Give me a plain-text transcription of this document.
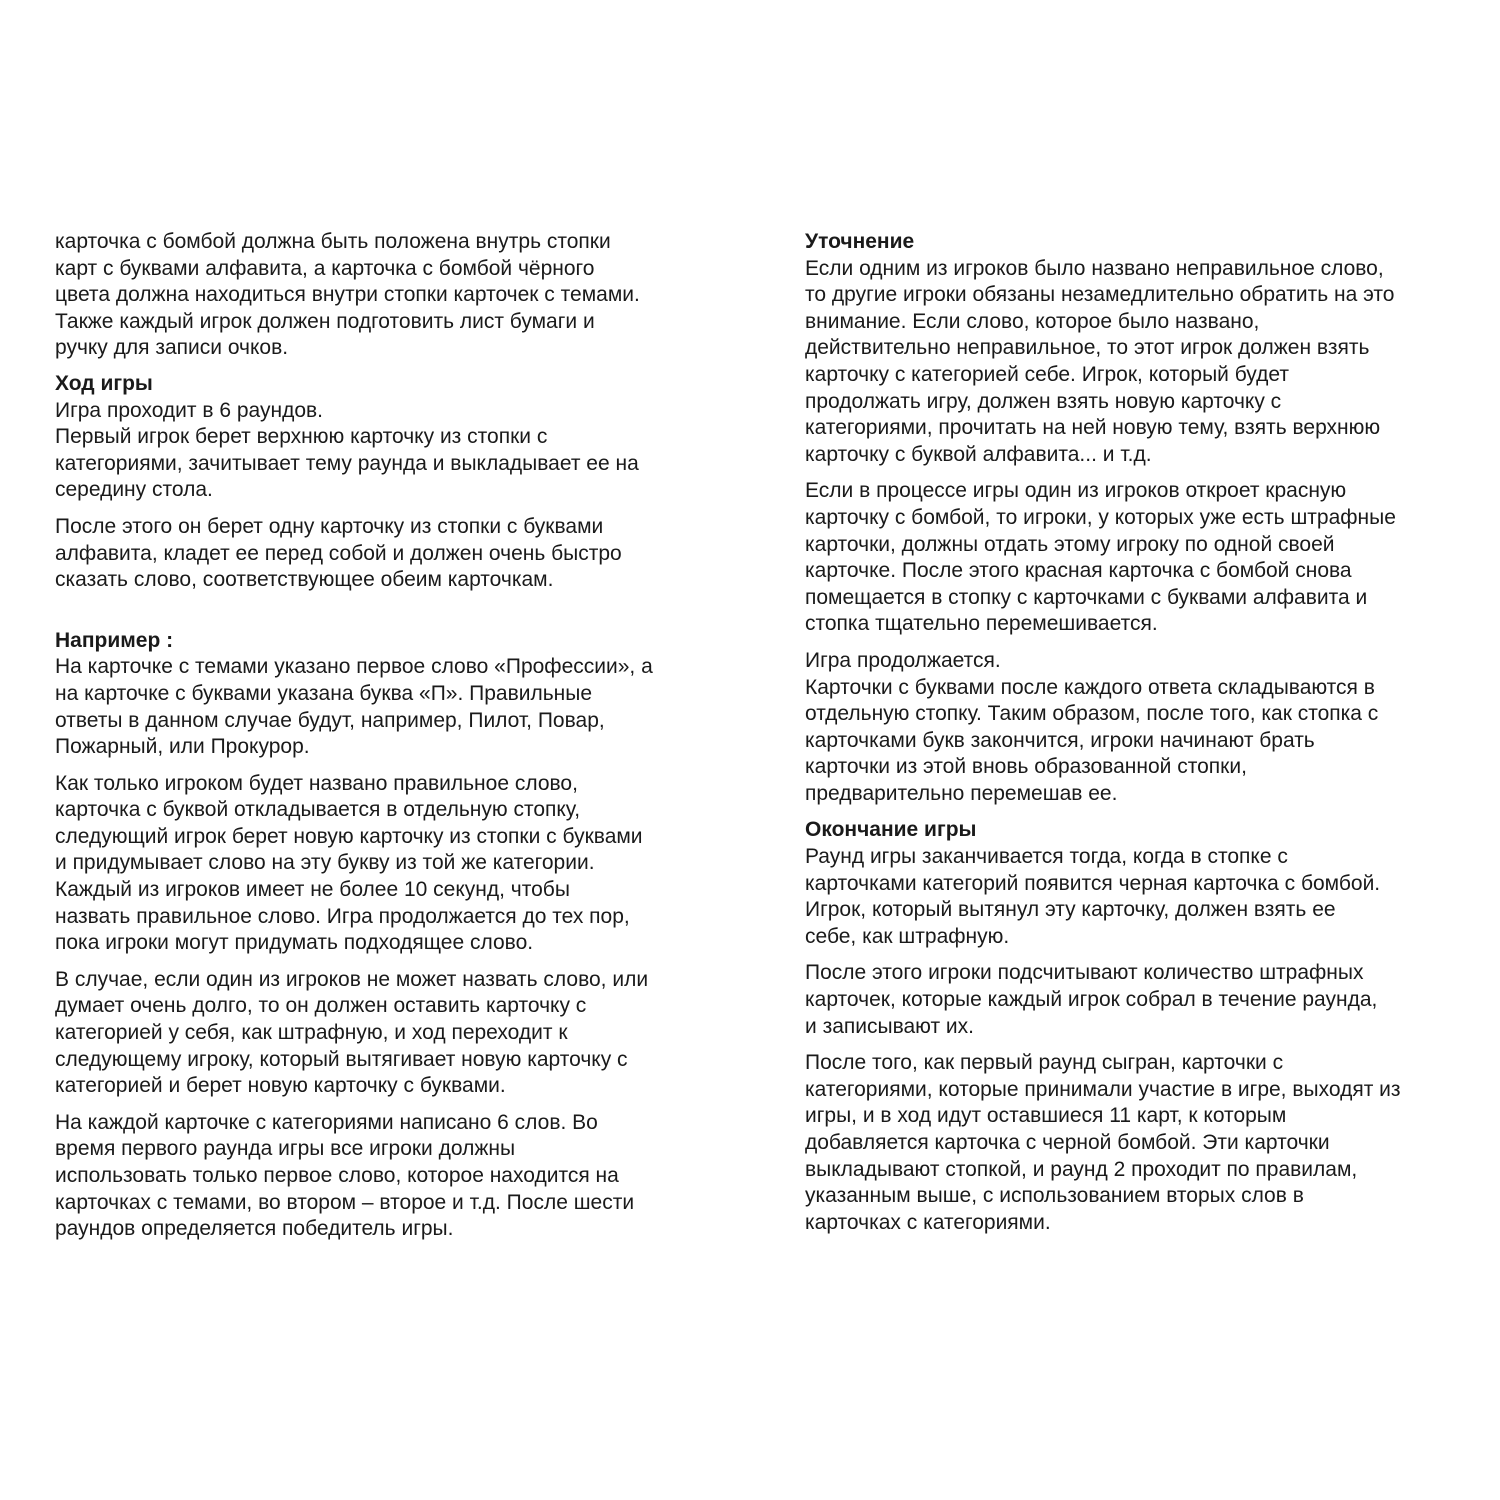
карточка с бомбой должна быть положена внутрь стопки
карт с буквами алфавита, а карточка с бомбой чёрного
цвета должна находиться внутри стопки карточек с темами.
Также каждый игрок должен подготовить лист бумаги и
ручку для записи очков.
Ход игры
Игра проходит в 6 раундов.
Первый игрок берет верхнюю карточку из стопки с
категориями, зачитывает тему раунда и выкладывает ее на
середину стола.
После этого он берет одну карточку из стопки с буквами
алфавита, кладет ее перед собой и должен очень быстро
сказать слово, соответствующее обеим карточкам.
Например :
На карточке с темами указано первое слово «Профессии», а
на карточке с буквами указана буква «П». Правильные
ответы в данном случае будут, например, Пилот, Повар,
Пожарный, или Прокурор.
Как только игроком будет названо правильное слово,
карточка с буквой откладывается в отдельную стопку,
следующий игрок берет новую карточку из стопки с буквами
и придумывает слово на эту букву из той же категории.
Каждый из игроков имеет не более 10 секунд, чтобы
назвать правильное слово. Игра продолжается до тех пор,
пока игроки могут придумать подходящее слово.
В случае, если один из игроков не может назвать слово, или
думает очень долго, то он должен оставить карточку с
категорией у себя, как штрафную, и ход переходит к
следующему игроку, который вытягивает новую карточку с
категорией и берет новую карточку с буквами.
На каждой карточке с категориями написано 6 слов. Во
время первого раунда игры все игроки должны
использовать только первое слово, которое находится на
карточках с темами, во втором – второе и т.д. После шести
раундов определяется победитель игры.
Уточнение
Если одним из игроков было названо неправильное слово,
то другие игроки обязаны незамедлительно обратить на это
внимание. Если слово, которое было названо,
действительно неправильное, то этот игрок должен взять
карточку с категорией себе. Игрок, который будет
продолжать игру, должен взять новую карточку с
категориями, прочитать на ней новую тему, взять верхнюю
карточку с буквой алфавита... и т.д.
Если в процессе игры один из игроков откроет красную
карточку с бомбой, то игроки, у которых уже есть штрафные
карточки, должны отдать этому игроку по одной своей
карточке. После этого красная карточка с бомбой снова
помещается в стопку с карточками с буквами алфавита и
стопка тщательно перемешивается.
Игра продолжается.
Карточки с буквами после каждого ответа складываются в
отдельную стопку. Таким образом, после того, как стопка с
карточками букв закончится, игроки начинают брать
карточки из этой вновь образованной стопки,
предварительно перемешав ее.
Окончание игры
Раунд игры заканчивается тогда, когда в стопке с
карточками категорий появится черная карточка с бомбой.
Игрок, который вытянул эту карточку, должен взять ее
себе, как штрафную.
После этого игроки подсчитывают количество штрафных
карточек, которые каждый игрок собрал в течение раунда,
и записывают их.
После того, как первый раунд сыгран, карточки с
категориями, которые принимали участие в игре, выходят из
игры, и в ход идут оставшиеся 11 карт, к которым
добавляется карточка с черной бомбой. Эти карточки
выкладывают стопкой, и раунд 2 проходит по правилам,
указанным выше, с использованием вторых слов в
карточках с категориями.
